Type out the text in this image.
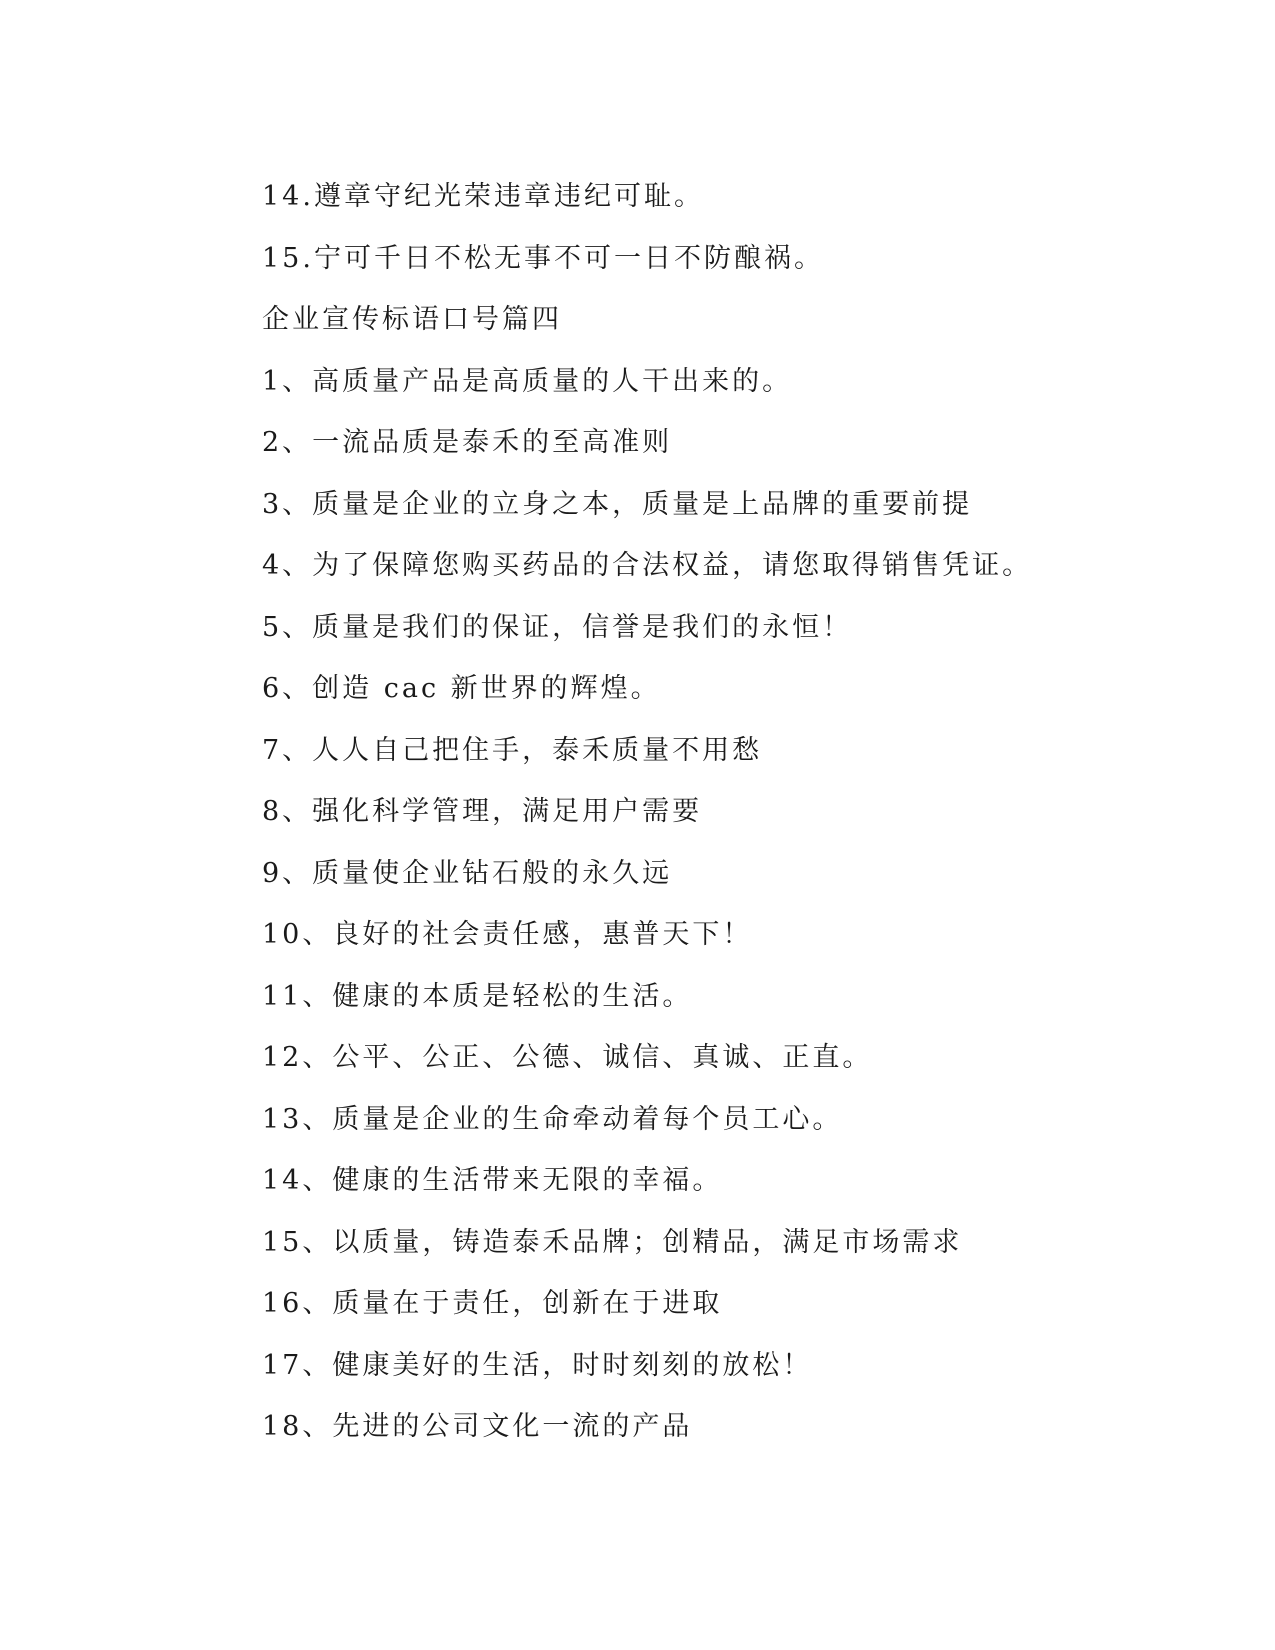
14.遵章守纪光荣违章违纪可耻。
15.宁可千日不松无事不可一日不防酿祸。
企业宣传标语口号篇四
1、高质量产品是高质量的人干出来的。
2、一流品质是泰禾的至高准则
3、质量是企业的立身之本，质量是上品牌的重要前提
4、为了保障您购买药品的合法权益，请您取得销售凭证。
5、质量是我们的保证，信誉是我们的永恒！
6、创造 cac 新世界的辉煌。
7、人人自己把住手，泰禾质量不用愁
8、强化科学管理，满足用户需要
9、质量使企业钻石般的永久远
10、良好的社会责任感，惠普天下！
11、健康的本质是轻松的生活。
12、公平、公正、公德、诚信、真诚、正直。
13、质量是企业的生命牵动着每个员工心。
14、健康的生活带来无限的幸福。
15、以质量，铸造泰禾品牌；创精品，满足市场需求
16、质量在于责任，创新在于进取
17、健康美好的生活，时时刻刻的放松！
18、先进的公司文化一流的产品
